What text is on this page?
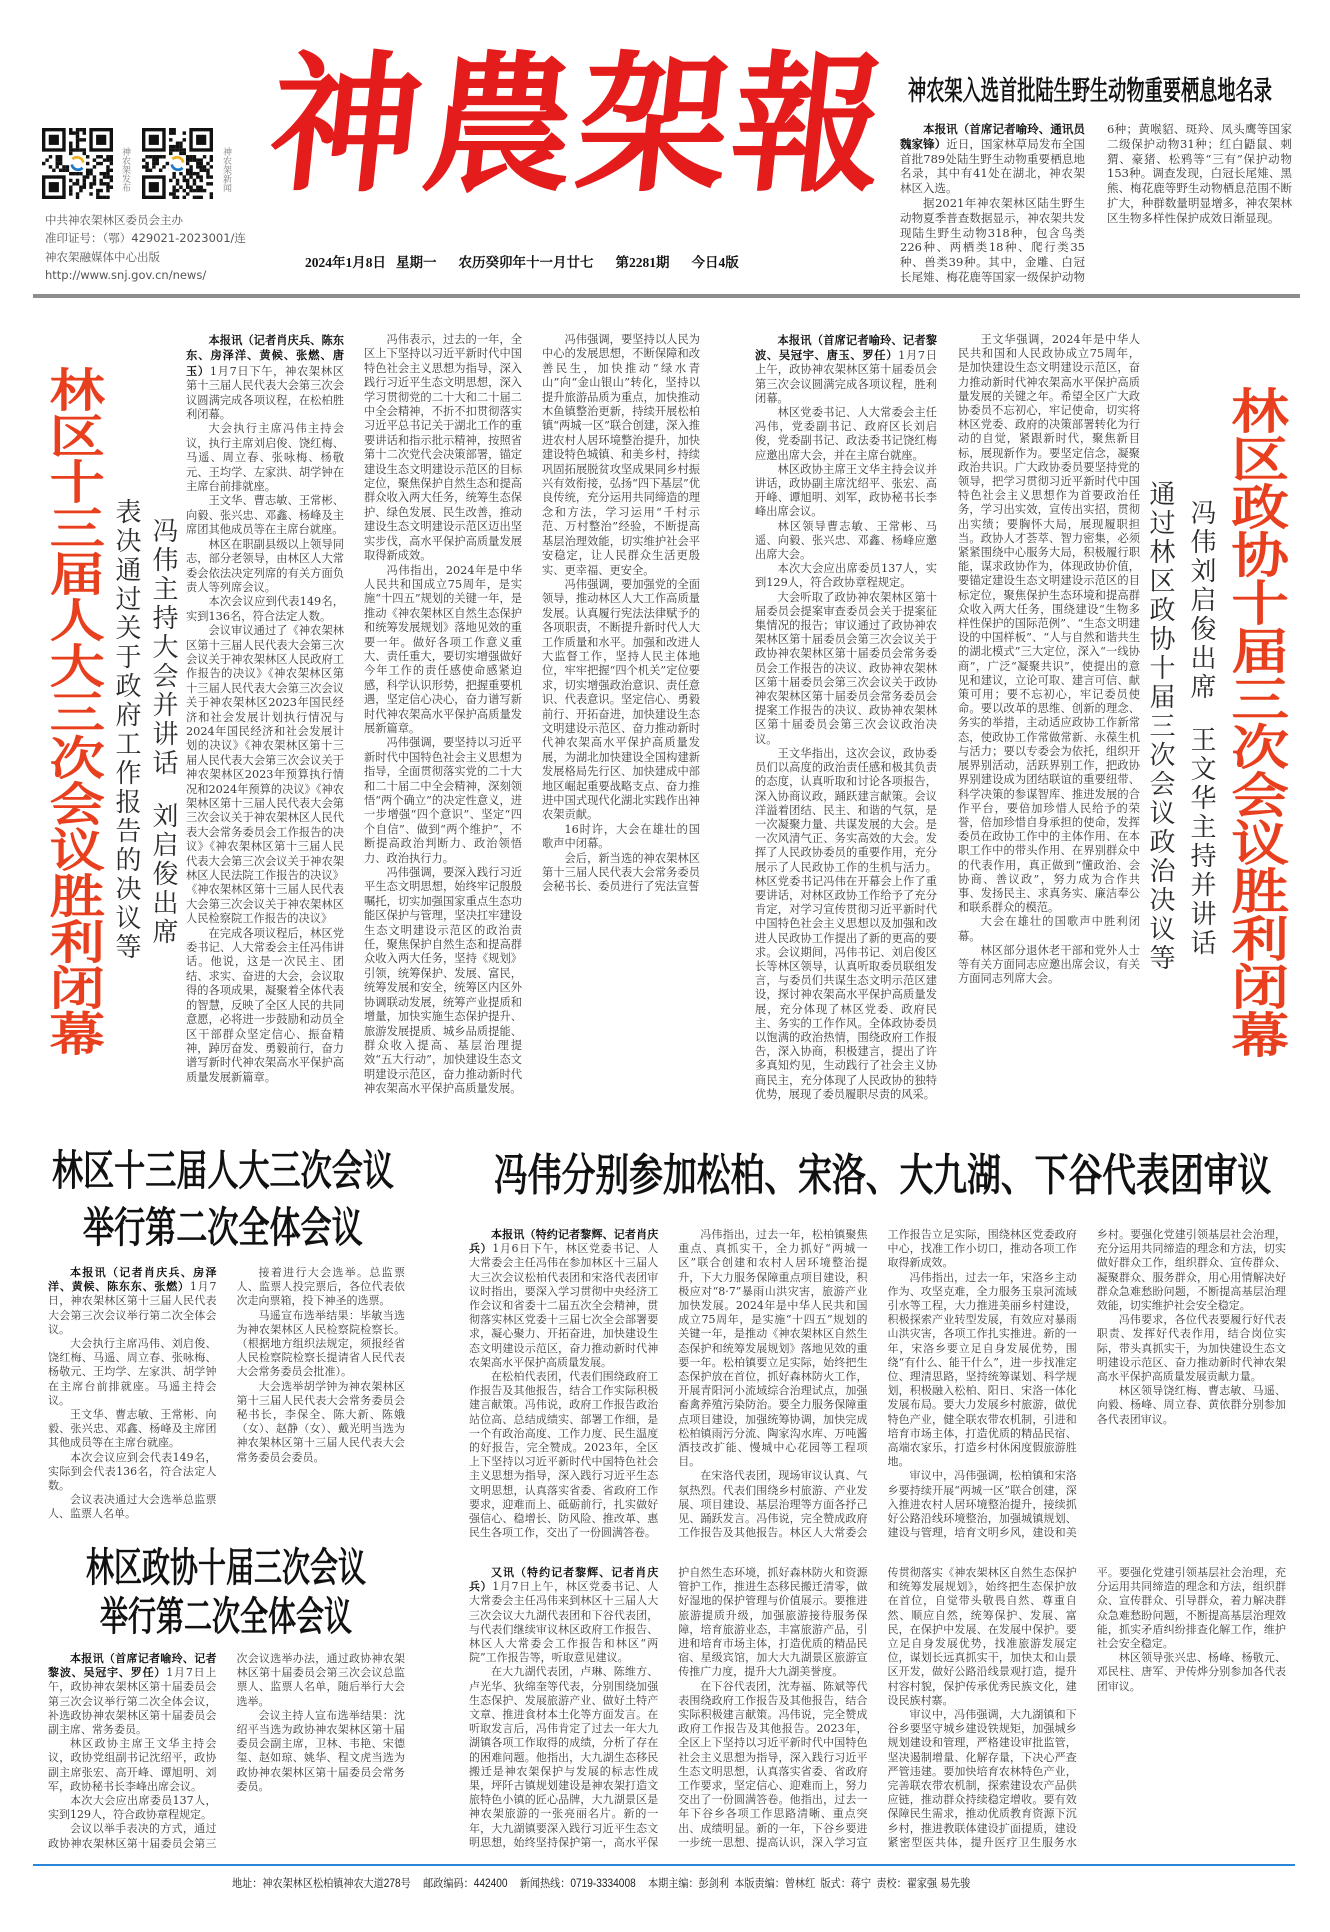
神农架发布	神农架新闻
中共神农架林区委员会主办
准印证号：（鄂）429021-2023001/连
神农架融媒体中心出版
http://www.snj.gov.cn/news/
神農架報
2024年1月8日 星期一 农历癸卯年十一月廿七 第2281期 今日4版
神农架入选首批陆生野生动物重要栖息地名录

本报讯（首席记者喻玲、通讯员魏家锋）近日，国家林草局发布全国首批789处陆生野生动物重要栖息地名录，其中有41处在湖北，神农架林区入选。

据2021年神农架林区陆生野生动物夏季普查数据显示，神农架共发现陆生野生动物318种，包含鸟类226种、两栖类18种、爬行类35种、兽类39种。其中，金雕、白冠长尾雉、梅花鹿等国家一级保护动物6种；黄喉貂、斑羚、凤头鹰等国家二级保护动物31种；红白鼯鼠、刺猬、豪猪、松鸦等“三有”保护动物153种。调查发现，白冠长尾雉、黑熊、梅花鹿等野生动物栖息范围不断扩大，种群数量明显增多，神农架林区生物多样性保护成效日渐显现。

林区十三届人大三次会议胜利闭幕 表决通过关于政府工作报告的决议等 冯伟主持大会并讲话刘启俊出席

本报讯（记者肖庆兵、陈东东、房泽洋、黄候、张燃、唐玉）1月7日下午，神农架林区第十三届人民代表大会第三次会议圆满完成各项议程，在松柏胜利闭幕。

大会执行主席冯伟主持会议，执行主席刘启俊、饶红梅、马遥、周立春、张咏梅、杨敬元、王均学、左家洪、胡学钟在主席台前排就座。

王文华、曹志敏、王常彬、向毅、张兴忠、邓鑫、杨峰及主席团其他成员等在主席台就座。

林区在职副县级以上领导同志，部分老领导，由林区人大常委会依法决定列席的有关方面负责人等列席会议。

本次会议应到代表149名，实到136名，符合法定人数。

会议审议通过了《神农架林区第十三届人民代表大会第三次会议关于神农架林区人民政府工作报告的决议》《神农架林区第十三届人民代表大会第三次会议关于神农架林区2023年国民经济和社会发展计划执行情况与2024年国民经济和社会发展计划的决议》《神农架林区第十三届人民代表大会第三次会议关于神农架林区2023年预算执行情况和2024年预算的决议》《神农架林区第十三届人民代表大会第三次会议关于神农架林区人民代表大会常务委员会工作报告的决议》《神农架林区第十三届人民代表大会第三次会议关于神农架林区人民法院工作报告的决议》《神农架林区第十三届人民代表大会第三次会议关于神农架林区人民检察院工作报告的决议》

在完成各项议程后，林区党委书记、人大常委会主任冯伟讲话。他说，这是一次民主、团结、求实、奋进的大会，会议取得的各项成果，凝聚着全体代表的智慧，反映了全区人民的共同意愿，必将进一步鼓励和动员全区干部群众坚定信心、振奋精神，踔厉奋发、勇毅前行，奋力谱写新时代神农架高水平保护高质量发展新篇章。

冯伟表示，过去的一年，全区上下坚持以习近平新时代中国特色社会主义思想为指导，深入践行习近平生态文明思想，深入学习贯彻党的二十大和二十届二中全会精神，不折不扣贯彻落实习近平总书记关于湖北工作的重要讲话和指示批示精神，按照省第十二次党代会决策部署，锚定建设生态文明建设示范区的目标定位，聚焦保护自然生态和提高群众收入两大任务，统筹生态保护、绿色发展、民生改善，推动建设生态文明建设示范区迈出坚实步伐，高水平保护高质量发展取得新成效。

冯伟指出，2024年是中华人民共和国成立75周年，是实施“十四五”规划的关键一年，是推动《神农架林区自然生态保护和统筹发展规划》落地见效的重要一年。做好各项工作意义重大、责任重大，要切实增强做好今年工作的责任感使命感紧迫感，科学认识形势，把握重要机遇，坚定信心决心，奋力谱写新时代神农架高水平保护高质量发展新篇章。

冯伟强调，要坚持以习近平新时代中国特色社会主义思想为指导，全面贯彻落实党的二十大和二十届二中全会精神，深刻领悟“两个确立”的决定性意义，进一步增强“四个意识”、坚定“四个自信”、做到“两个维护”，不断提高政治判断力、政治领悟力、政治执行力。

冯伟强调，要深入践行习近平生态文明思想，始终牢记殷殷嘱托，切实加强国家重点生态功能区保护与管理，坚决扛牢建设生态文明建设示范区的政治责任，聚焦保护自然生态和提高群众收入两大任务，坚持《规划》引领，统筹保护、发展、富民，统筹发展和安全，统筹区内区外协调联动发展，统筹产业提质和增量，加快实施生态保护提升、旅游发展提质、城乡品质提能、群众收入提高、基层治理提效“五大行动”，加快建设生态文明建设示范区，奋力推动新时代神农架高水平保护高质量发展。

冯伟强调，要坚持以人民为中心的发展思想，不断保障和改善民生，加快推动“绿水青山”向“金山银山”转化，坚持以提升旅游品质为重点，加快推动木鱼镇整治更新，持续开展松柏镇“两城一区”联合创建，深入推进农村人居环境整治提升，加快建设特色城镇、和美乡村，持续巩固拓展脱贫攻坚成果同乡村振兴有效衔接，弘扬“四下基层”优良传统，充分运用共同缔造的理念和方法，学习运用“千村示范、万村整治”经验，不断提高基层治理效能，切实维护社会平安稳定，让人民群众生活更殷实、更幸福、更安全。

冯伟强调，要加强党的全面领导，推动林区人大工作高质量发展。认真履行宪法法律赋予的各项职责，不断提升新时代人大工作质量和水平。加强和改进人大监督工作，坚持人民主体地位，牢牢把握“四个机关”定位要求，切实增强政治意识、责任意识、代表意识。坚定信心、勇毅前行、开拓奋进，加快建设生态文明建设示范区、奋力推动新时代神农架高水平保护高质量发展，为湖北加快建设全国构建新发展格局先行区、加快建成中部地区崛起重要战略支点、奋力推进中国式现代化湖北实践作出神农架贡献。

16时许，大会在雄壮的国歌声中闭幕。

会后，新当选的神农架林区第十三届人民代表大会常务委员会秘书长、委员进行了宪法宣誓

本报讯（首席记者喻玲、记者黎波、吴冠宇、唐玉、罗任）1月7日上午，政协神农架林区第十届委员会第三次会议圆满完成各项议程，胜利闭幕。

林区党委书记、人大常委会主任冯伟，党委副书记、政府区长刘启俊，党委副书记、政法委书记饶红梅应邀出席大会，并在主席台就座。

林区政协主席王文华主持会议并讲话，政协副主席沈绍平、张宏、高开峰、谭旭明、刘军，政协秘书长李峰出席会议。

林区领导曹志敏、王常彬、马遥、向毅、张兴忠、邓鑫、杨峰应邀出席大会。

本次大会应出席委员137人，实到129人，符合政协章程规定。

大会听取了政协神农架林区第十届委员会提案审查委员会关于提案征集情况的报告；审议通过了政协神农架林区第十届委员会第三次会议关于政协神农架林区第十届委员会常务委员会工作报告的决议、政协神农架林区第十届委员会第三次会议关于政协神农架林区第十届委员会常务委员会提案工作报告的决议、政协神农架林区第十届委员会第三次会议政治决议。

王文华指出，这次会议，政协委员们以高度的政治责任感和极其负责的态度，认真听取和讨论各项报告，深入协商议政，踊跃建言献策。会议洋溢着团结、民主、和谐的气氛，是一次凝聚力量、共谋发展的大会。是一次风清气正、务实高效的大会。发挥了人民政协委员的重要作用，充分展示了人民政协工作的生机与活力。林区党委书记冯伟在开幕会上作了重要讲话，对林区政协工作给予了充分肯定，对学习宣传贯彻习近平新时代中国特色社会主义思想以及加强和改进人民政协工作提出了新的更高的要求。会议期间，冯伟书记、刘启俊区长等林区领导，认真听取委员联组发言，与委员们共谋生态文明示范区建设，探讨神农架高水平保护高质量发展，充分体现了林区党委、政府民主、务实的工作作风。全体政协委员以饱满的政治热情，围绕政府工作报告，深入协商，积极建言，提出了许多真知灼见，生动践行了社会主义协商民主，充分体现了人民政协的独特优势，展现了委员履职尽责的风采。

王文华强调，2024年是中华人民共和国和人民政协成立75周年，是加快建设生态文明建设示范区，奋力推动新时代神农架高水平保护高质量发展的关键之年。希望全区广大政协委员不忘初心，牢记使命，切实将林区党委、政府的决策部署转化为行动的自觉，紧跟新时代，聚焦新目标，展现新作为。要坚定信念，凝聚政治共识。广大政协委员要坚持党的领导，把学习贯彻习近平新时代中国特色社会主义思想作为首要政治任务，学习出实效，宣传出实招，贯彻出实绩；要胸怀大局，展现履职担当。政协人才荟萃、智力密集，必须紧紧围绕中心服务大局，积极履行职能，谋求政协作为，体现政协价值，要锚定建设生态文明建设示范区的目标定位，聚焦保护生态环境和提高群众收入两大任务，围绕建设“生物多样性保护的国际范例”、“生态文明建设的中国样板”、“人与自然和谐共生的湖北模式”三大定位，深入“一线协商”，广泛“凝聚共识”，使提出的意见和建议，立论可取、建言可信、献策可用；要不忘初心，牢记委员使命。要以改革的思维、创新的理念、务实的举措，主动适应政协工作新常态，使政协工作常做常新、永葆生机与活力；要以专委会为依托，组织开展界别活动，活跃界别工作，把政协界别建设成为团结联谊的重要纽带、科学决策的参谋智库、推进发展的合作平台，要倍加珍惜人民给予的荣誉，倍加珍惜自身承担的使命，发挥委员在政协工作中的主体作用、在本职工作中的带头作用、在界别群众中的代表作用，真正做到“懂政治、会协商、善议政”，努力成为合作共事、发扬民主、求真务实、廉洁奉公和联系群众的模范。

大会在雄壮的国歌声中胜利闭幕。

林区部分退休老干部和党外人士等有关方面同志应邀出席会议，有关方面同志列席大会。

通过林区政协十届三次会议政治决议等 冯伟刘启俊出席王文华主持并讲话 林区政协十届三次会议胜利闭幕
林区十三届人大三次会议
举行第二次全体会议

本报讯（记者肖庆兵、房泽洋、黄候、陈东东、张燃）1月7日，神农架林区第十三届人民代表大会第三次会议举行第二次全体会议。

大会执行主席冯伟、刘启俊、饶红梅、马遥、周立春、张咏梅、杨敬元、王均学、左家洪、胡学钟在主席台前排就座。马遥主持会议。

王文华、曹志敏、王常彬、向毅、张兴忠、邓鑫、杨峰及主席团其他成员等在主席台就座。

本次会议应到会代表149名，实际到会代表136名，符合法定人数。

会议表决通过大会选举总监票人、监票人名单。

接着进行大会选举。总监票人、监票人投完票后，各位代表依次走向票箱，投下神圣的选票。

马遥宣布选举结果：毕敏当选为神农架林区人民检察院检察长。（根据地方组织法规定，须报经省人民检察院检察长提请省人民代表大会常务委员会批准）。

大会选举胡学钟为神农架林区第十三届人民代表大会常务委员会秘书长，李保全、陈大新、陈娥（女）、赵静（女）、戴光明当选为神农架林区第十三届人民代表大会常务委员会委员。

林区政协十届三次会议
举行第二次全体会议

本报讯（首席记者喻玲、记者黎波、吴冠宇、罗任）1月7日上午，政协神农架林区第十届委员会第三次会议举行第二次全体会议，补选政协神农架林区第十届委员会副主席、常务委员。

林区政协主席王文华主持会议，政协党组副书记沈绍平，政协副主席张宏、高开峰、谭旭明、刘军，政协秘书长李峰出席会议。

本次大会应出席委员137人，实到129人，符合政协章程规定。

会议以举手表决的方式，通过政协神农架林区第十届委员会第三次会议选举办法，通过政协神农架林区第十届委员会第三次会议总监票人、监票人名单，随后举行大会选举。

会议主持人宣布选举结果：沈绍平当选为政协神农架林区第十届委员会副主席，卫林、韦艳、宋德玺、赵如琼、姚华、程文虎当选为政协神农架林区第十届委员会常务委员。

冯伟分别参加松柏、宋洛、大九湖、下谷代表团审议

本报讯（特约记者黎辉、记者肖庆兵）1月6日下午，林区党委书记、人大常委会主任冯伟在参加林区十三届人大三次会议松柏代表团和宋洛代表团审议时指出，要深入学习贯彻中央经济工作会议和省委十二届五次全会精神，贯彻落实林区党委十三届七次全会部署要求，凝心聚力、开拓奋进，加快建设生态文明建设示范区，奋力推动新时代神农架高水平保护高质量发展。

在松柏代表团，代表们围绕政府工作报告及其他报告，结合工作实际积极建言献策。冯伟说，政府工作报告政治站位高、总结成绩实、部署工作细，是一个有政治高度、工作力度、民生温度的好报告，完全赞成。2023年，全区上下坚持以习近平新时代中国特色社会主义思想为指导，深入践行习近平生态文明思想，认真落实省委、省政府工作要求，迎难而上、砥砺前行，扎实做好强信心、稳增长、防风险、推改革、惠民生各项工作，交出了一份圆满答卷。

冯伟指出，过去一年，松柏镇聚焦重点、真抓实干，全力抓好“两城一区”联合创建和农村人居环境整治提升，下大力服务保障重点项目建设，积极应对“8·7”暴雨山洪灾害，旅游产业加快发展。2024年是中华人民共和国成立75周年，是实施“十四五”规划的关键一年，是推动《神农架林区自然生态保护和统筹发展规划》落地见效的重要一年。松柏镇要立足实际，始终把生态保护放在首位，抓好森林防火工作，开展青阳河小流域综合治理试点，加强畜禽养殖污染防治。要全力服务保障重点项目建设，加强统筹协调，加快完成松柏镇雨污分流、陶家沟水库、万吨酱酒技改扩能、慢城中心花园等工程项目。

在宋洛代表团，现场审议认真、气氛热烈。代表们围绕乡村旅游、产业发展、项目建设、基层治理等方面各抒己见、踊跃发言。冯伟说，完全赞成政府工作报告及其他报告。林区人大常委会工作报告立足实际，围绕林区党委政府中心，找准工作小切口，推动各项工作取得新成效。

冯伟指出，过去一年，宋洛乡主动作为、攻坚克难，全力服务玉泉河流域引水等工程，大力推进美丽乡村建设，积极探索产业转型发展，有效应对暴雨山洪灾害，各项工作扎实推进。新的一年，宋洛乡要立足自身发展优势，围绕“有什么、能干什么”，进一步找准定位、理清思路，坚持统筹谋划、科学规划，积极融入松柏、阳日、宋洛一体化发展布局。要大力发展乡村旅游，做优特色产业，健全联农带农机制，引进和培育市场主体，打造优质的精品民宿、高端农家乐，打造乡村休闲度假旅游胜地。

审议中，冯伟强调，松柏镇和宋洛乡要持续开展“两城一区”联合创建，深入推进农村人居环境整治提升，接续抓好公路沿线环境整治，加强城镇规划、建设与管理，培育文明乡风，建设和美乡村。要强化党建引领基层社会治理，充分运用共同缔造的理念和方法，切实做好群众工作，组织群众、宣传群众、凝聚群众、服务群众，用心用情解决好群众急难愁盼问题，不断提高基层治理效能，切实维护社会安全稳定。

冯伟要求，各位代表要履行好代表职责、发挥好代表作用，结合岗位实际，带头真抓实干，为加快建设生态文明建设示范区、奋力推动新时代神农架高水平保护高质量发展贡献力量。

林区领导饶红梅、曹志敏、马遥、向毅、杨峰、周立春、黄依群分别参加各代表团审议。

又讯（特约记者黎辉、记者肖庆兵）1月7日上午，林区党委书记、人大常委会主任冯伟来到林区十三届人大三次会议大九湖代表团和下谷代表团，与代表们继续审议林区政府工作报告、林区人大常委会工作报告和林区“两院”工作报告等，听取意见建议。

在大九湖代表团，卢琳、陈维方、卢光华、狄绵奎等代表，分别围绕加强生态保护、发展旅游产业、做好土特产文章、推进食材本土化等方面发言。在听取发言后，冯伟肯定了过去一年大九湖镇各项工作取得的成绩，分析了存在的困难问题。他指出，大九湖生态移民搬迁是神农架保护与发展的标志性成果，坪阡古镇规划建设是神农架打造文旅特色小镇的匠心品牌，大九湖景区是神农架旅游的一张亮丽名片。新的一年，大九湖镇要深入践行习近平生态文明思想，始终坚持保护第一，高水平保护自然生态环境，抓好森林防火和资源管护工作，推进生态移民搬迁清零，做好湿地的保护管理与价值展示。要推进旅游提质升级，加强旅游接待服务保障，培育旅游业态，丰富旅游产品，引进和培育市场主体，打造优质的精品民宿、星级宾馆，加大大九湖景区旅游宣传推广力度，提升大九湖美誉度。

在下谷代表团，沈寿福、陈斌等代表围绕政府工作报告及其他报告，结合实际积极建言献策。冯伟说，完全赞成政府工作报告及其他报告。2023年，全区上下坚持以习近平新时代中国特色社会主义思想为指导，深入践行习近平生态文明思想，认真落实省委、省政府工作要求，坚定信心、迎难而上，努力交出了一份圆满答卷。他指出，过去一年下谷乡各项工作思路清晰、重点突出、成绩明显。新的一年，下谷乡要进一步统一思想、提高认识，深入学习宣传贯彻落实《神农架林区自然生态保护和统筹发展规划》，始终把生态保护放在首位，自觉带头敬畏自然、尊重自然、顺应自然，统筹保护、发展、富民，在保护中发展、在发展中保护。要立足自身发展优势，找准旅游发展定位，谋划长远真抓实干，加快太和山景区开发，做好公路沿线景观打造，提升村容村貌，保护传承优秀民族文化，建设民族村寨。

审议中，冯伟强调，大九湖镇和下谷乡要坚守城乡建设铁规矩，加强城乡规划建设和管理，严格建设审批监管，坚决遏制增量、化解存量，下决心严查严管违建。要加快培育农林特色产业，完善联农带农机制，探索建设农产品供应链，推动群众持续稳定增收。要有效保障民生需求，推动优质教育资源下沉乡村，推进教联体建设扩面提质，建设紧密型医共体，提升医疗卫生服务水平。要强化党建引领基层社会治理，充分运用共同缔造的理念和方法，组织群众、宣传群众、引导群众，着力解决群众急难愁盼问题，不断提高基层治理效能，抓实矛盾纠纷排查化解工作，维护社会安全稳定。

林区领导张兴忠、杨峰、杨敬元、邓民柱、唐军、尹传烨分别参加各代表团审议。

地址：神农架林区松柏镇神农大道278号 邮政编码：442400 新闻热线：0719-3334008 本期主编：彭剑利 本版责编：曾林红 版式：蒋宁 责校：翟家强 易先骏
